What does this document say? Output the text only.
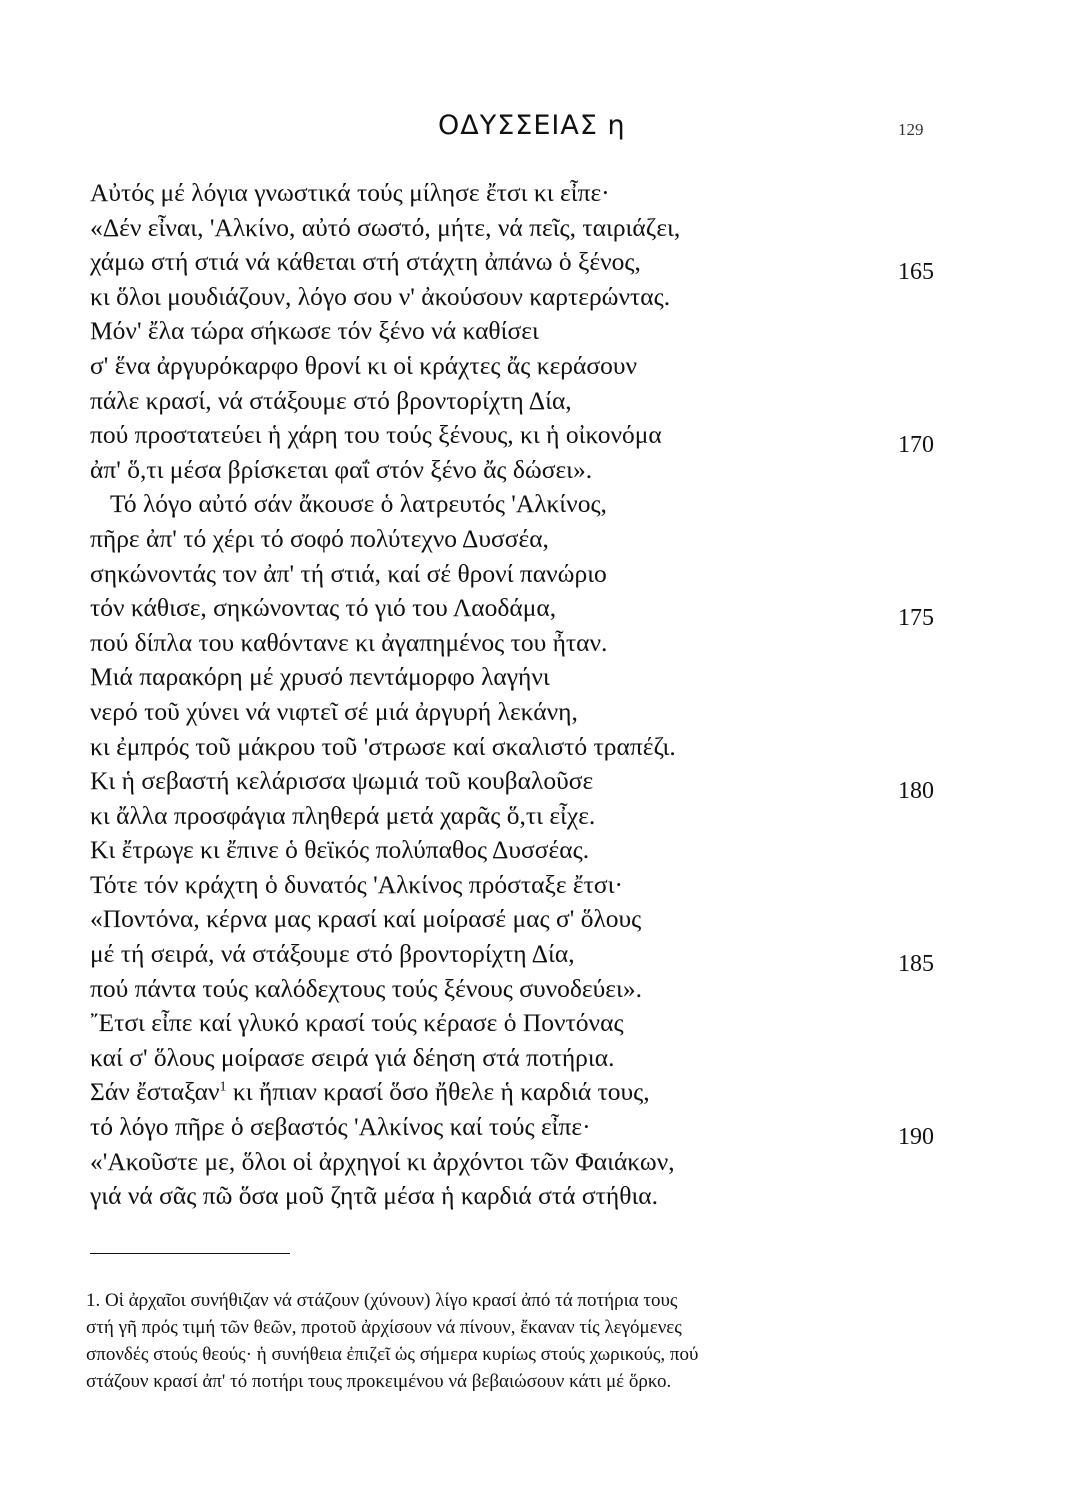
ΟΔΥΣΣΕΙΑΣ η	129
Αὐτός μέ λόγια γνωστικά τούς μίλησε ἔτσι κι εἶπε·
«Δέν εἶναι, 'Αλκίνο, αὐτό σωστό, μήτε, νά πεῖς, ταιριάζει,
χάμω στή στιά νά κάθεται στή στάχτη ἀπάνω ὁ ξένος,	165
κι ὅλοι μουδιάζουν, λόγο σου ν' ἀκούσουν καρτερώντας.
Μόν' ἔλα τώρα σήκωσε τόν ξένο νά καθίσει
σ' ἕνα ἀργυρόκαρφο θρονί κι οἱ κράχτες ἄς κεράσουν
πάλε κρασί, νά στάξουμε στό βροντορίχτη Δία,
πού προστατεύει ἡ χάρη του τούς ξένους, κι ἡ οἰκονόμα	170
ἀπ' ὅ,τι μέσα βρίσκεται φαΐ στόν ξένο ἄς δώσει».
Τό λόγο αὐτό σάν ἄκουσε ὁ λατρευτός 'Αλκίνος,
πῆρε ἀπ' τό χέρι τό σοφό πολύτεχνο Δυσσέα,
σηκώνοντάς τον ἀπ' τή στιά, καί σέ θρονί πανώριο
τόν κάθισε, σηκώνοντας τό γιό του Λαοδάμα,	175
πού δίπλα του καθόντανε κι ἀγαπημένος του ἦταν.
Μιά παρακόρη μέ χρυσό πεντάμορφο λαγήνι
νερό τοῦ χύνει νά νιφτεῖ σέ μιά ἀργυρή λεκάνη,
κι ἐμπρός τοῦ μάκρου τοῦ 'στρωσε καί σκαλιστό τραπέζι.
Κι ἡ σεβαστή κελάρισσα ψωμιά τοῦ κουβαλοῦσε	180
κι ἄλλα προσφάγια πληθερά μετά χαρᾶς ὅ,τι εἶχε.
Κι ἔτρωγε κι ἔπινε ὁ θεϊκός πολύπαθος Δυσσέας.
Τότε τόν κράχτη ὁ δυνατός 'Αλκίνος πρόσταξε ἔτσι·
«Ποντόνα, κέρνα μας κρασί καί μοίρασέ μας σ' ὅλους
μέ τή σειρά, νά στάξουμε στό βροντορίχτη Δία,	185
πού πάντα τούς καλόδεχτους τούς ξένους συνοδεύει».
῎Ετσι εἶπε καί γλυκό κρασί τούς κέρασε ὁ Ποντόνας
καί σ' ὅλους μοίρασε σειρά γιά δέηση στά ποτήρια.
Σάν ἔσταξαν$^1$ κι ἤπιαν κρασί ὅσο ἤθελε ἡ καρδιά τους,
τό λόγο πῆρε ὁ σεβαστός 'Αλκίνος καί τούς εἶπε·	190
«'Ακοῦστε με, ὅλοι οἱ ἀρχηγοί κι ἀρχόντοι τῶν Φαιάκων,
γιά νά σᾶς πῶ ὅσα μοῦ ζητᾶ μέσα ἡ καρδιά στά στήθια.
1. Οἱ ἀρχαῖοι συνήθιζαν νά στάζουν (χύνουν) λίγο κρασί ἀπό τά ποτήρια τους
στή γῆ πρός τιμή τῶν θεῶν, προτοῦ ἀρχίσουν νά πίνουν, ἔκαναν τίς λεγόμενες
σπονδές στούς θεούς· ἡ συνήθεια ἐπιζεῖ ὡς σήμερα κυρίως στούς χωρικούς, πού
στάζουν κρασί ἀπ' τό ποτήρι τους προκειμένου νά βεβαιώσουν κάτι μέ ὅρκο.
